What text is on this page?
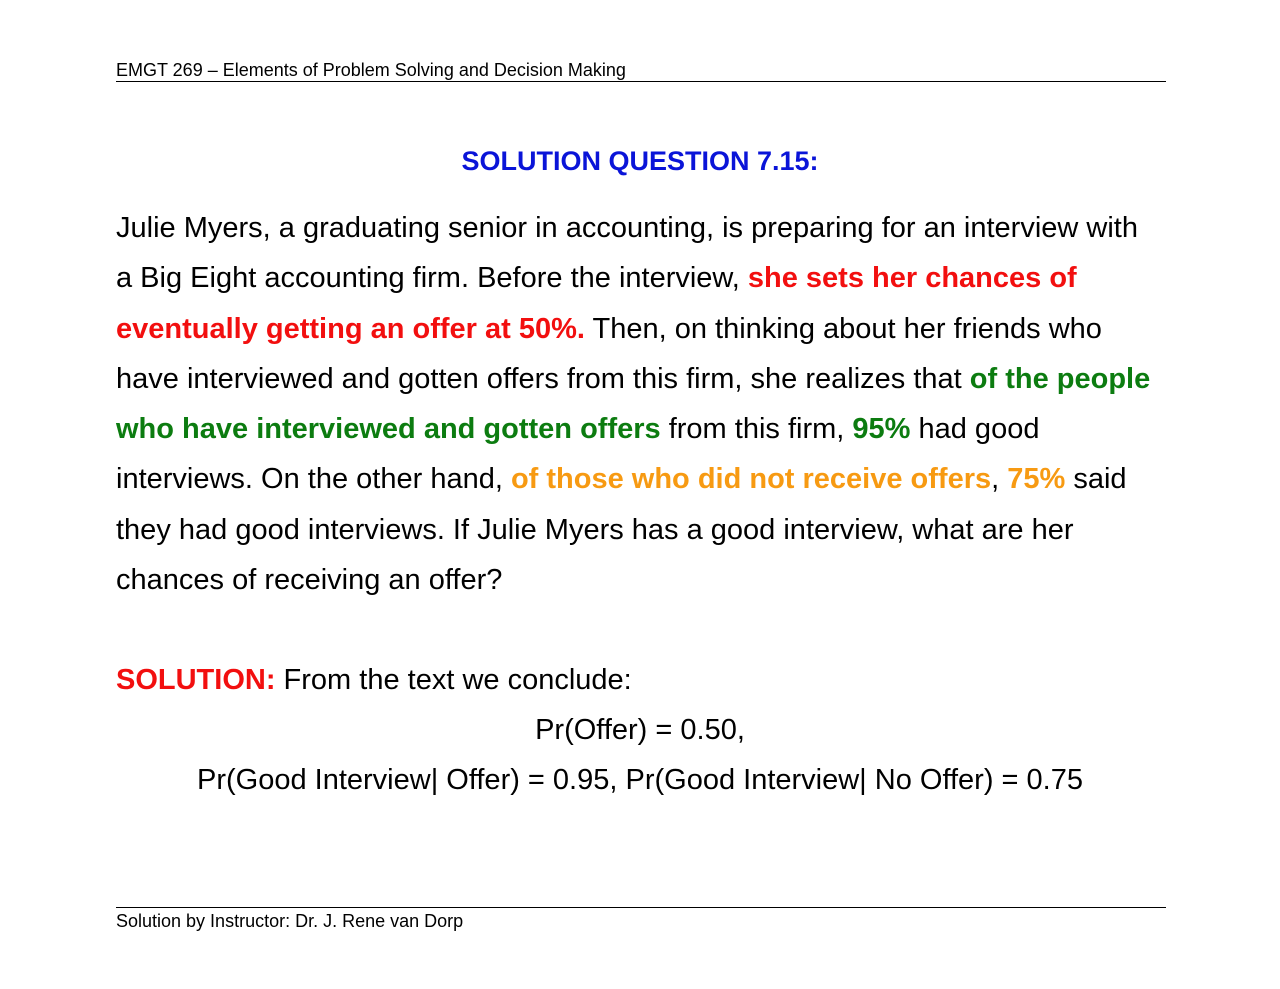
EMGT 269 – Elements of Problem Solving and Decision Making
SOLUTION QUESTION 7.15:
Julie Myers, a graduating senior in accounting, is preparing for an interview with
a Big Eight accounting firm. Before the interview, she sets her chances of
eventually getting an offer at 50%. Then, on thinking about her friends who
have interviewed and gotten offers from this firm, she realizes that of the people
who have interviewed and gotten offers from this firm, 95% had good
interviews. On the other hand, of those who did not receive offers, 75% said
they had good interviews. If Julie Myers has a good interview, what are her
chances of receiving an offer?
SOLUTION: From the text we conclude:
Pr(Offer) = 0.50,
Pr(Good Interview| Offer) = 0.95, Pr(Good Interview| No Offer) = 0.75
Solution by Instructor: Dr. J. Rene van Dorp
